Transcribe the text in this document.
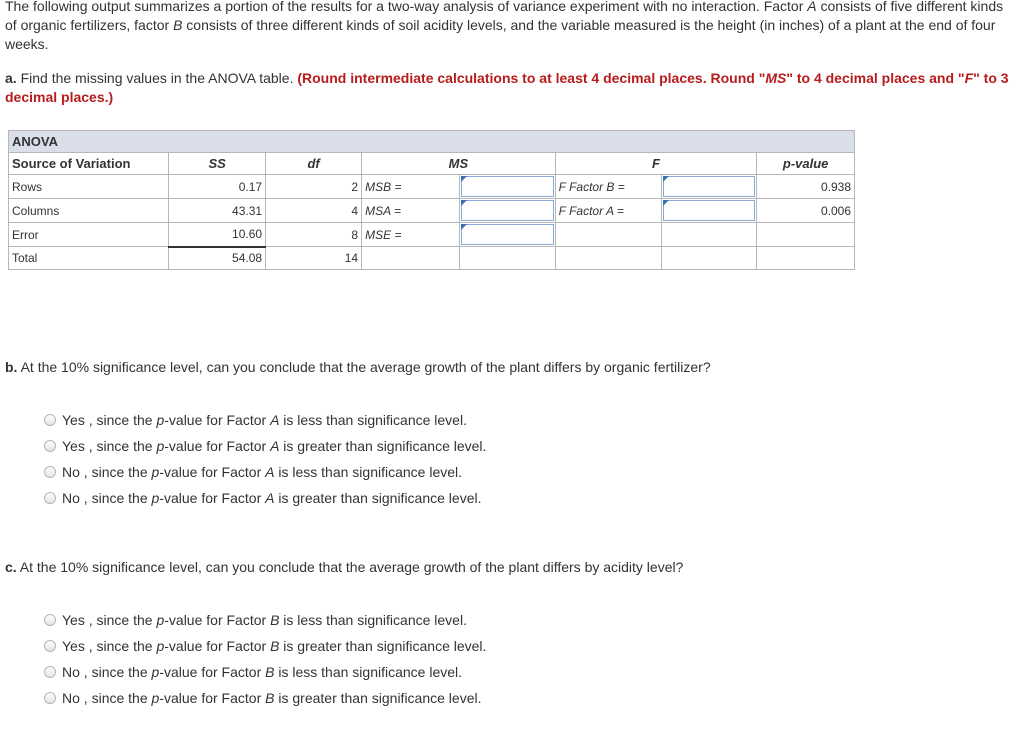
The following output summarizes a portion of the results for a two-way analysis of variance experiment with no interaction. Factor A consists of five different kinds of organic fertilizers, factor B consists of three different kinds of soil acidity levels, and the variable measured is the height (in inches) of a plant at the end of four weeks.
a. Find the missing values in the ANOVA table. (Round intermediate calculations to at least 4 decimal places. Round "MS" to 4 decimal places and "F" to 3 decimal places.)
ANOVA							
Source of Variation	SS	df	MS		F		p-value
Rows	0.17	2	MSB =		F Factor B =		0.938
Columns	43.31	4	MSA =		F Factor A =		0.006
Error	10.60	8	MSE =	

Total	54.08	14					
b. At the 10% significance level, can you conclude that the average growth of the plant differs by organic fertilizer?
Yes , since the p-value for Factor A is less than significance level.
Yes , since the p-value for Factor A is greater than significance level.
No , since the p-value for Factor A is less than significance level.
No , since the p-value for Factor A is greater than significance level.
c. At the 10% significance level, can you conclude that the average growth of the plant differs by acidity level?
Yes , since the p-value for Factor B is less than significance level.
Yes , since the p-value for Factor B is greater than significance level.
No , since the p-value for Factor B is less than significance level.
No , since the p-value for Factor B is greater than significance level.
